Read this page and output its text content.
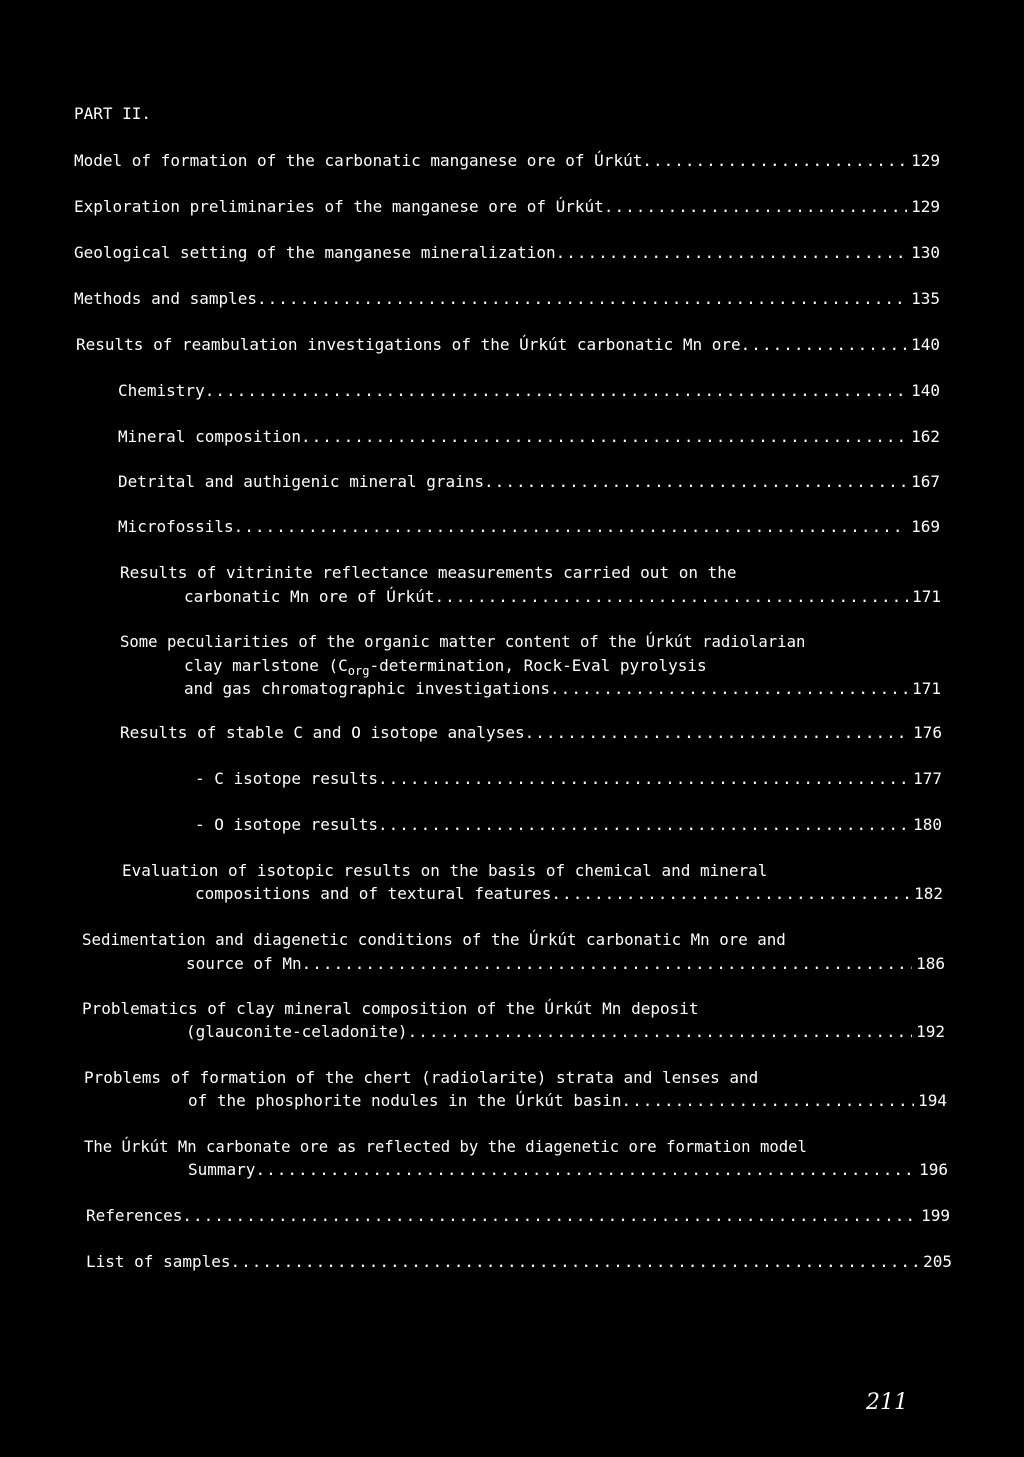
PART II.
Model of formation of the carbonatic manganese ore of Úrkút .....	129
Exploration preliminaries of the manganese ore of Úrkút .....	129
Geological setting of the manganese mineralization .....	130
Methods and samples .....	135
Results of reambulation investigations of the Úrkút carbonatic Mn ore .....	140
Chemistry .....	140
Mineral composition .....	162
Detrital and authigenic mineral grains .....	167
Microfossils .....	169
Results of vitrinite reflectance measurements carried out on the
carbonatic Mn ore of Úrkút .....	171
Some peculiarities of the organic matter content of the Úrkút radiolarian
clay marlstone ($C_{org}$-determination, Rock-Eval pyrolysis
and gas chromatographic investigations .....	171
Results of stable C and O isotope analyses .....	176
- C isotope results .....	177
- O isotope results .....	180
Evaluation of isotopic results on the basis of chemical and mineral
compositions and of textural features .....	182
Sedimentation and diagenetic conditions of the Úrkút carbonatic Mn ore and
source of Mn .....	186
Problematics of clay mineral composition of the Úrkút Mn deposit
(glauconite-celadonite) .....	192
Problems of formation of the chert (radiolarite) strata and lenses and
of the phosphorite nodules in the Úrkút basin .....	194
The Úrkút Mn carbonate ore as reflected by the diagenetic ore formation model
Summary .....	196
References .....	199
List of samples .....	205
211
